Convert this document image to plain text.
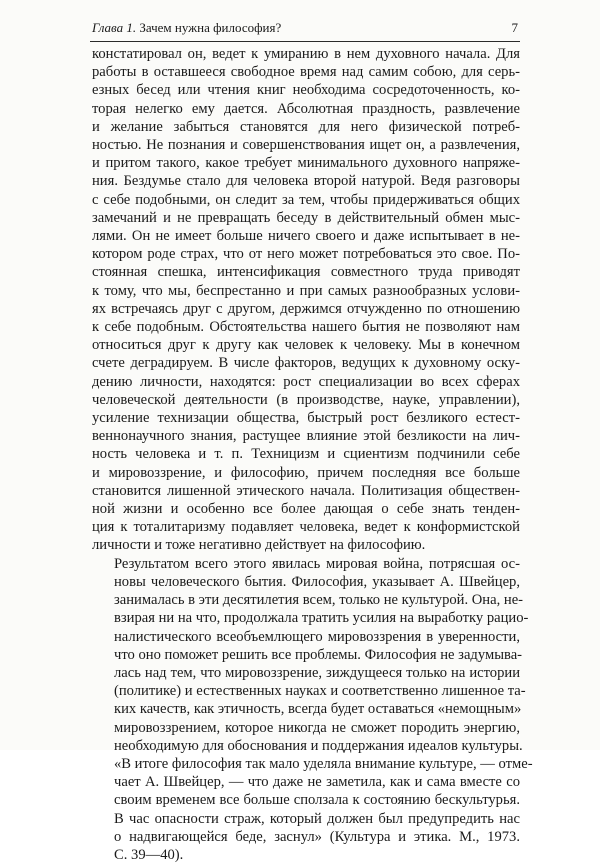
Глава 1. Зачем нужна философия?	7

констатировал он, ведет к умиранию в нем духовного начала. Для
работы в оставшееся свободное время над самим собою, для серь-
езных бесед или чтения книг необходима сосредоточенность, ко-
торая нелегко ему дается. Абсолютная праздность, развлечение
и желание забыться становятся для него физической потреб-
ностью. Не познания и совершенствования ищет он, а развлечения,
и притом такого, какое требует минимального духовного напряже-
ния. Бездумье стало для человека второй натурой. Ведя разговоры
с себе подобными, он следит за тем, чтобы придерживаться общих
замечаний и не превращать беседу в действительный обмен мыс-
лями. Он не имеет больше ничего своего и даже испытывает в не-
котором роде страх, что от него может потребоваться это свое. По-
стоянная спешка, интенсификация совместного труда приводят
к тому, что мы, беспрестанно и при самых разнообразных услови-
ях встречаясь друг с другом, держимся отчужденно по отношению
к себе подобным. Обстоятельства нашего бытия не позволяют нам
относиться друг к другу как человек к человеку. Мы в конечном
счете деградируем. В числе факторов, ведущих к духовному оску-
дению личности, находятся: рост специализации во всех сферах
человеческой деятельности (в производстве, науке, управлении),
усиление технизации общества, быстрый рост безликого естест-
веннонаучного знания, растущее влияние этой безликости на лич-
ность человека и т. п. Техницизм и сциентизм подчинили себе
и мировоззрение, и философию, причем последняя все больше
становится лишенной этического начала. Политизация обществен-
ной жизни и особенно все более дающая о себе знать тенден-
ция к тоталитаризму подавляет человека, ведет к конформистской
личности и тоже негативно действует на философию.

Результатом всего этого явилась мировая война, потрясшая ос-
новы человеческого бытия. Философия, указывает А. Швейцер,
занималась в эти десятилетия всем, только не культурой. Она, не-
взирая ни на что, продолжала тратить усилия на выработку рацио-
налистического всеобъемлющего мировоззрения в уверенности,
что оно поможет решить все проблемы. Философия не задумыва-
лась над тем, что мировоззрение, зиждущееся только на истории
(политике) и естественных науках и соответственно лишенное та-
ких качеств, как этичность, всегда будет оставаться «немощным»
мировоззрением, которое никогда не сможет породить энергию,
необходимую для обоснования и поддержания идеалов культуры.
«В итоге философия так мало уделяла внимание культуре, — отме-
чает А. Швейцер, — что даже не заметила, как и сама вместе со
своим временем все больше сползала к состоянию бескультурья.
В час опасности страж, который должен был предупредить нас
о надвигающейся беде, заснул» (Культура и этика. М., 1973.
С. 39—40).
